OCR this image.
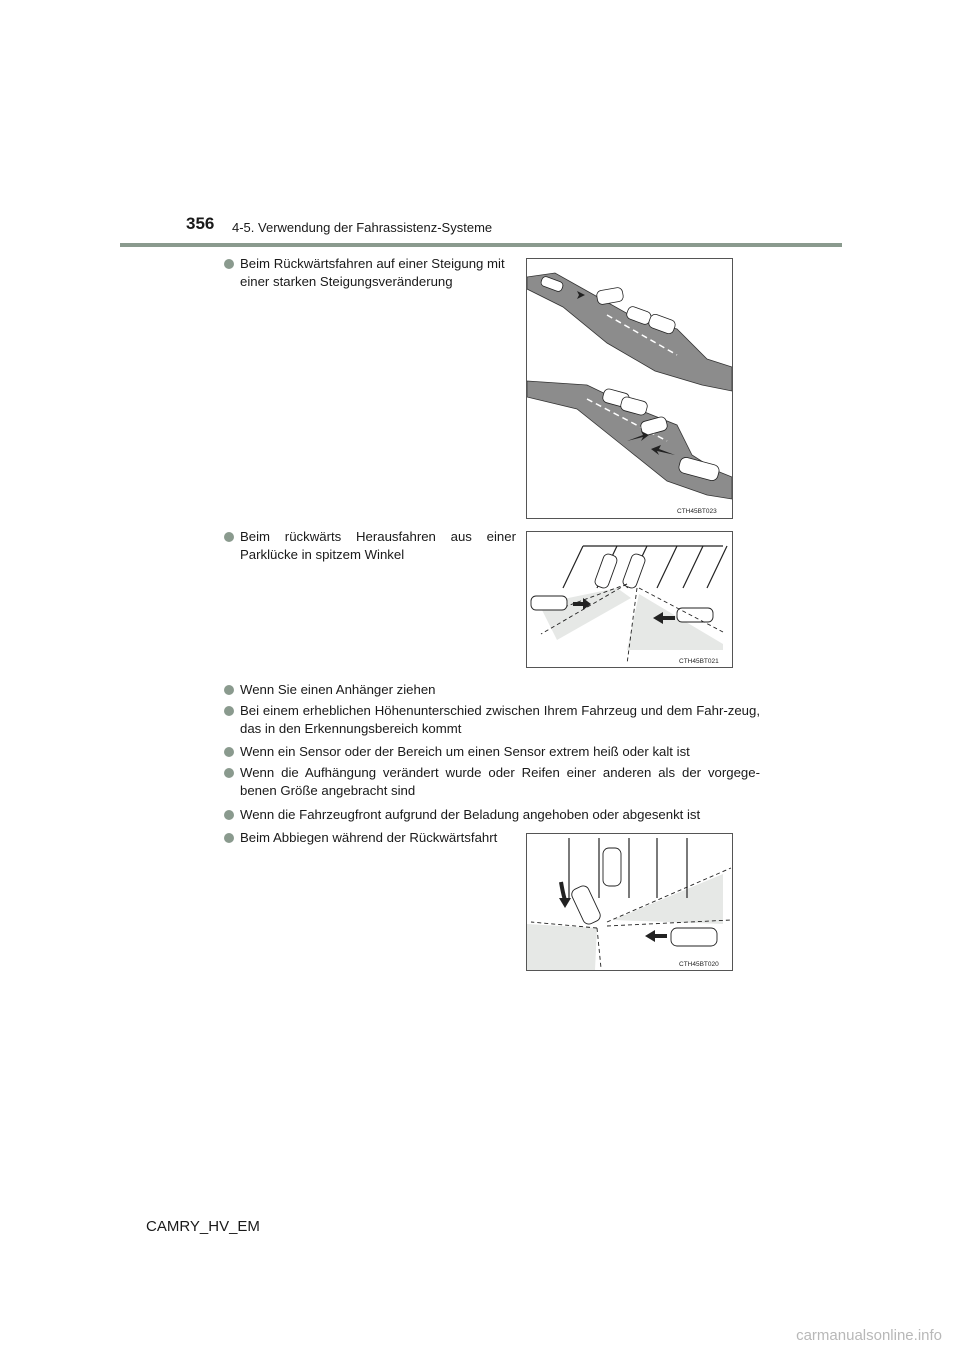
356 4-5. Verwendung der Fahrassistenz-Systeme
Beim Rückwärtsfahren auf einer Steigung mit einer starken Steigungsveränderung
CTH45BT023
Beim rückwärts Herausfahren aus einer Parklücke in spitzem Winkel
CTH45BT021
Wenn Sie einen Anhänger ziehen
Bei einem erheblichen Höhenunterschied zwischen Ihrem Fahrzeug und dem Fahr-zeug, das in den Erkennungsbereich kommt
Wenn ein Sensor oder der Bereich um einen Sensor extrem heiß oder kalt ist
Wenn die Aufhängung verändert wurde oder Reifen einer anderen als der vorgege-benen Größe angebracht sind
Wenn die Fahrzeugfront aufgrund der Beladung angehoben oder abgesenkt ist
Beim Abbiegen während der Rückwärtsfahrt
CTH45BT020
CAMRY_HV_EM
carmanualsonline.info
